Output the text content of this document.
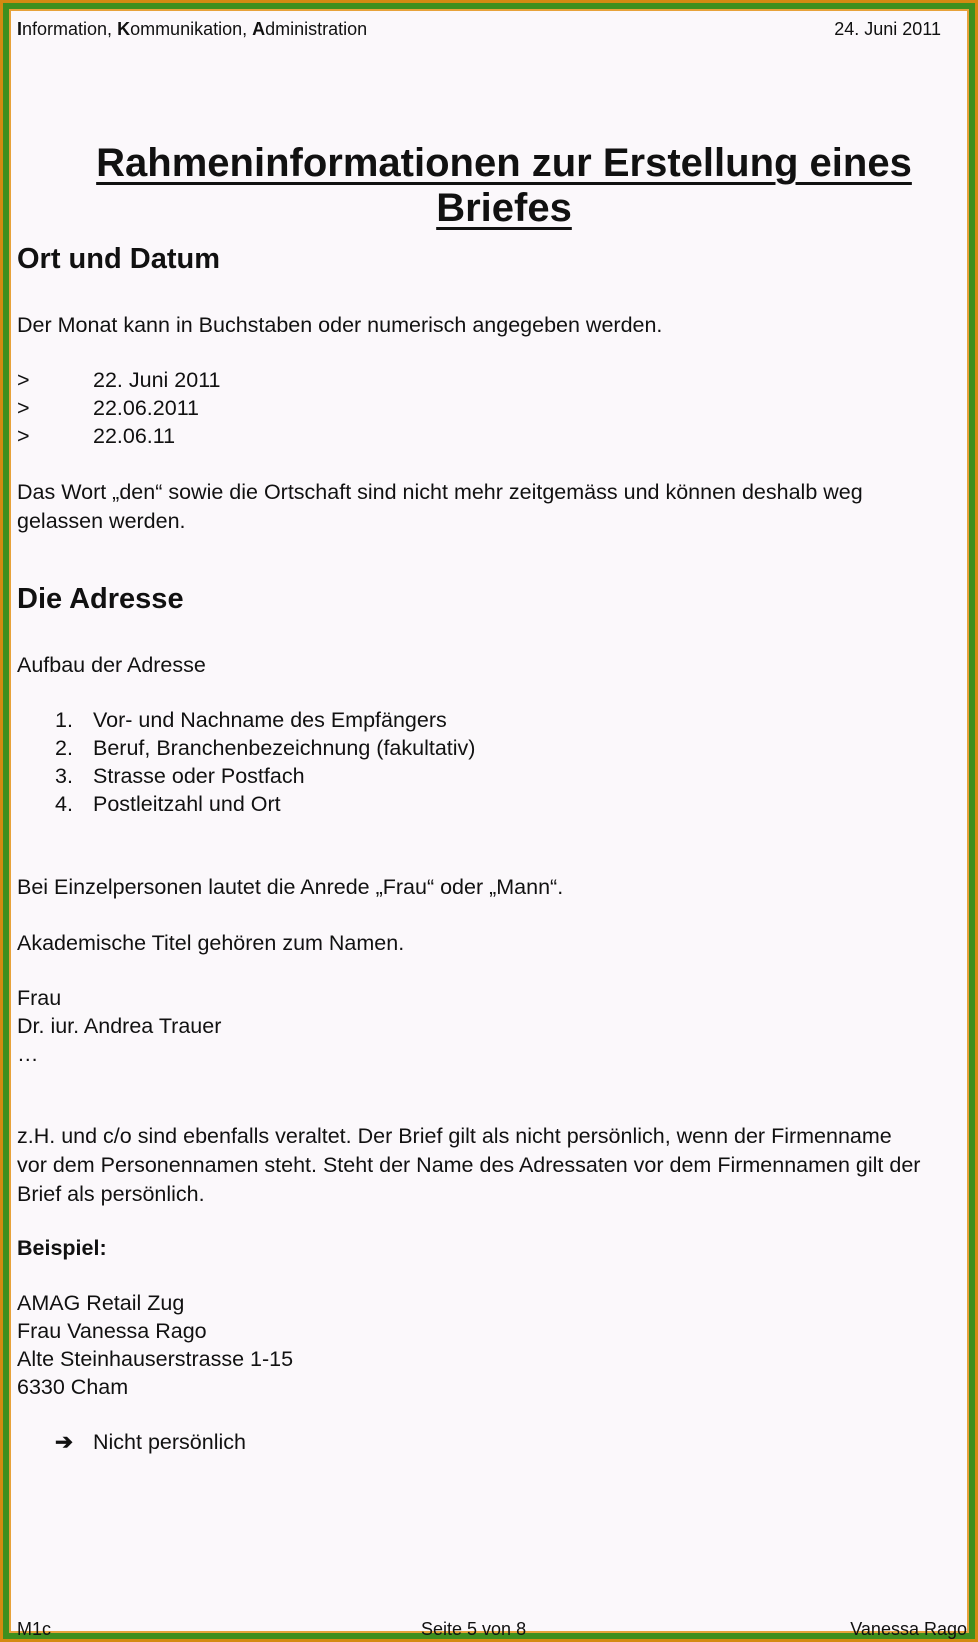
Information, Kommunikation, Administration	24. Juni 2011
Rahmeninformationen zur Erstellung eines Briefes
Ort und Datum
Der Monat kann in Buchstaben oder numerisch angegeben werden.
>	22. Juni 2011
>	22.06.2011
>	22.06.11
Das Wort „den“ sowie die Ortschaft sind nicht mehr zeitgemäss und können deshalb weg gelassen werden.
Die Adresse
Aufbau der Adresse
1. Vor- und Nachname des Empfängers
2. Beruf, Branchenbezeichnung (fakultativ)
3. Strasse oder Postfach
4. Postleitzahl und Ort
Bei Einzelpersonen lautet die Anrede „Frau“ oder „Mann“.
Akademische Titel gehören zum Namen.
Frau
Dr. iur. Andrea Trauer
…
z.H. und c/o sind ebenfalls veraltet. Der Brief gilt als nicht persönlich, wenn der Firmenname vor dem Personennamen steht. Steht der Name des Adressaten vor dem Firmennamen gilt der Brief als persönlich.
Beispiel:
AMAG Retail Zug
Frau Vanessa Rago
Alte Steinhauserstrasse 1-15
6330 Cham
➔ Nicht persönlich
M1c	Seite 5 von 8	Vanessa Rago
